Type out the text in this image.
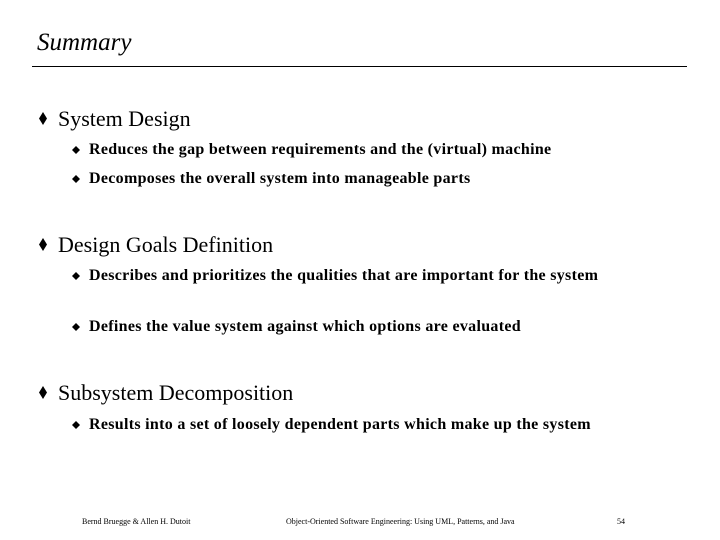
Summary
System Design
Reduces the gap between requirements and the (virtual) machine
Decomposes the overall system into manageable parts
Design Goals Definition
Describes and prioritizes the qualities that are important for the system
Defines the value system against which options are evaluated
Subsystem Decomposition
Results into a set of loosely dependent parts which make up the system
Bernd Bruegge & Allen H. Dutoit	Object-Oriented Software Engineering: Using UML, Patterns, and Java	54
